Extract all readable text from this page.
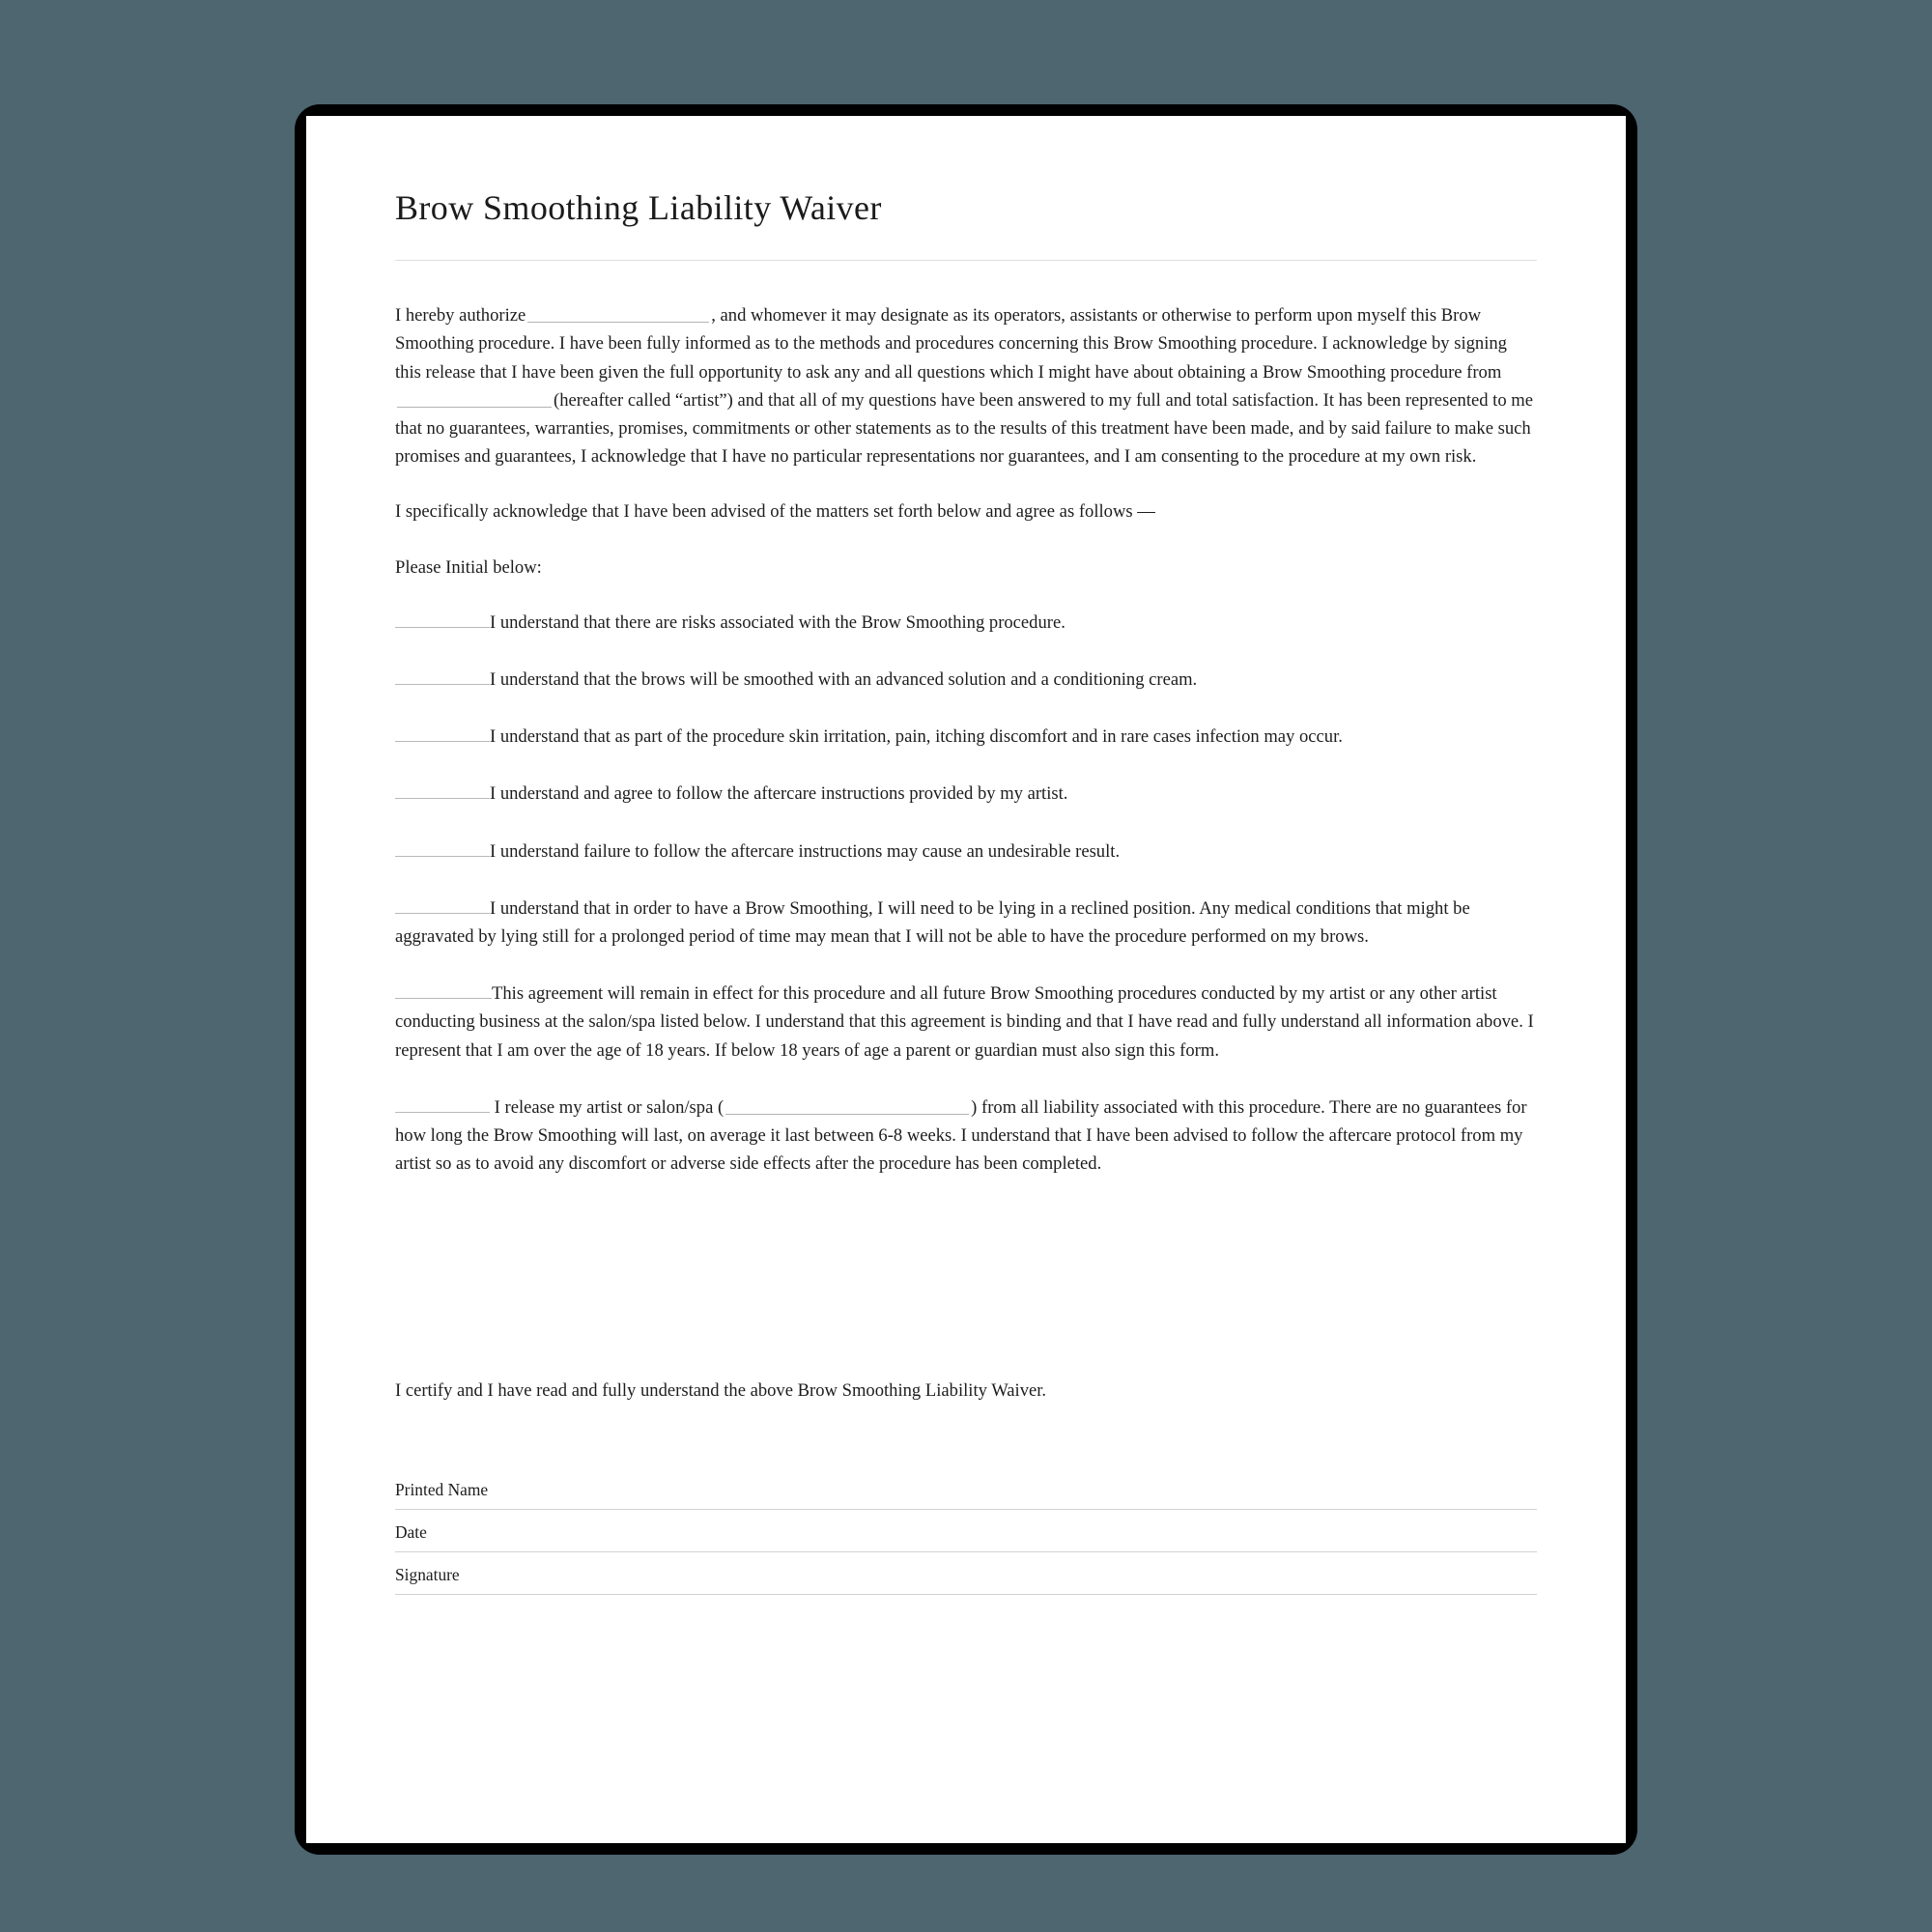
Brow Smoothing Liability Waiver

I hereby authorize	, and whomever it may designate as its operators, assistants or otherwise to perform upon myself this Brow Smoothing procedure. I have been fully informed as to the methods and procedures concerning this Brow Smoothing procedure. I acknowledge by signing this release that I have been given the full opportunity to ask any and all questions which I might have about obtaining a Brow Smoothing procedure from(hereafter called “artist”) and that all of my questions have been answered to my full and total satisfaction. It has been represented to me that no guarantees, warranties, promises, commitments or other statements as to the results of this treatment have been made, and by said failure to make such promises and guarantees, I acknowledge that I have no particular representations nor guarantees, and I am consenting to the procedure at my own risk.

I specifically acknowledge that I have been advised of the matters set forth below and agree as follows —

Please Initial below:

I understand that there are risks associated with the Brow Smoothing procedure.

I understand that the brows will be smoothed with an advanced solution and a conditioning cream.

I understand that as part of the procedure skin irritation, pain, itching discomfort and in rare cases infection may occur.

I understand and agree to follow the aftercare instructions provided by my artist.

I understand failure to follow the aftercare instructions may cause an undesirable result.

I understand that in order to have a Brow Smoothing, I will need to be lying in a reclined position. Any medical conditions that might be aggravated by lying still for a prolonged period of time may mean that I will not be able to have the procedure performed on my brows.

This agreement will remain in effect for this procedure and all future Brow Smoothing procedures conducted by my artist or any other artist conducting business at the salon/spa listed below. I understand that this agreement is binding and that I have read and fully understand all information above. I represent that I am over the age of 18 years. If below 18 years of age a parent or guardian must also sign this form.

I release my artist or salon/spa (	) from all liability associated with this procedure. There are no guarantees for how long the Brow Smoothing will last, on average it last between 6-8 weeks. I understand that I have been advised to follow the aftercare protocol from my artist so as to avoid any discomfort or adverse side effects after the procedure has been completed.

I certify and I have read and fully understand the above Brow Smoothing Liability Waiver.

Printed Name
Date
Signature
